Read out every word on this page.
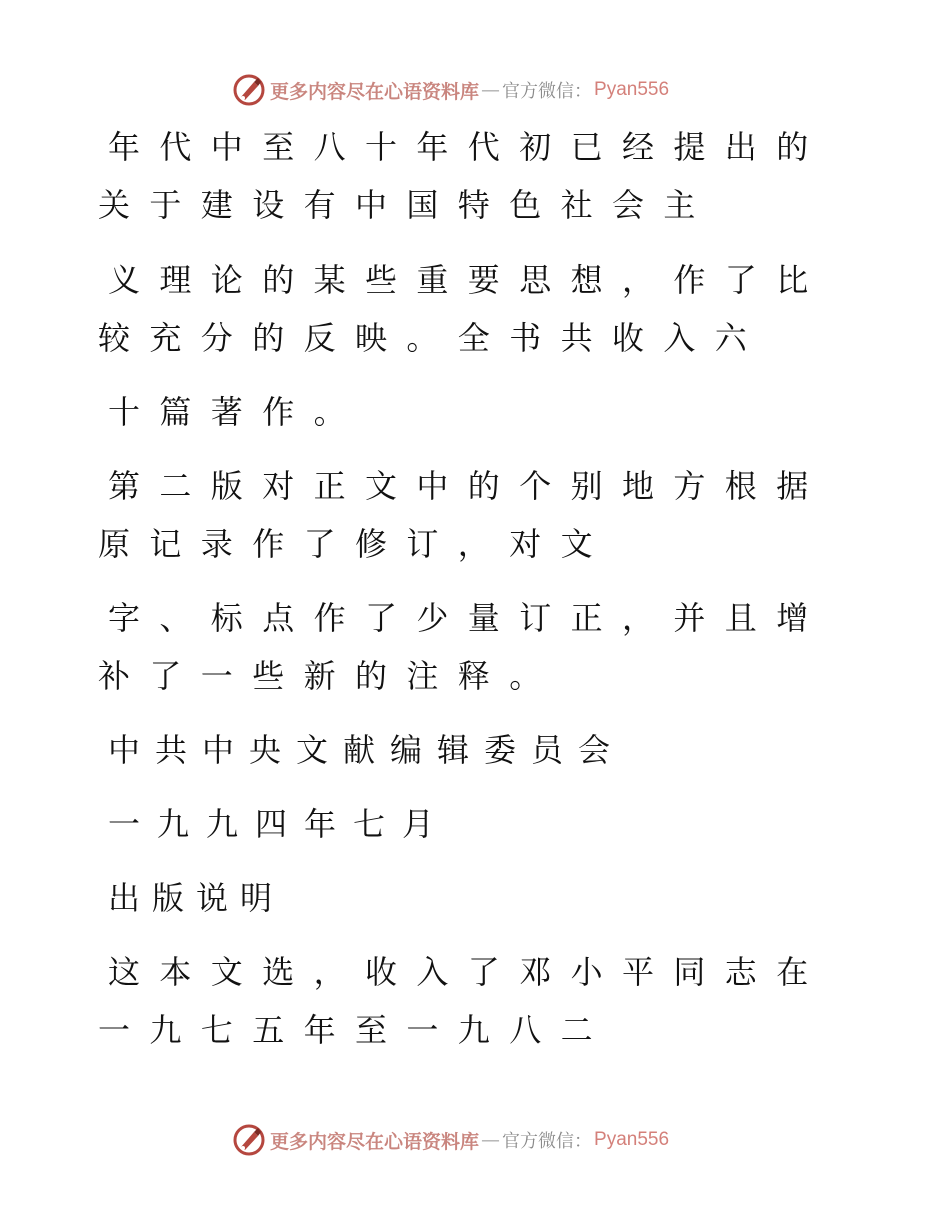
更多内容尽在心语资料库 — 官方微信： Pyan556
年代中至八十年代初已经提出的
关于建设有中国特色社会主
义理论的某些重要思想，作了比
较充分的反映。全书共收入六
十篇著作。
第二版对正文中的个别地方根据
原记录作了修订，对文
字、标点作了少量订正，并且增
补了一些新的注释。
中共中央文献编辑委员会
一九九四年七月
出版说明
这本文选，收入了邓小平同志在
一九七五年至一九八二
更多内容尽在心语资料库 — 官方微信： Pyan556
